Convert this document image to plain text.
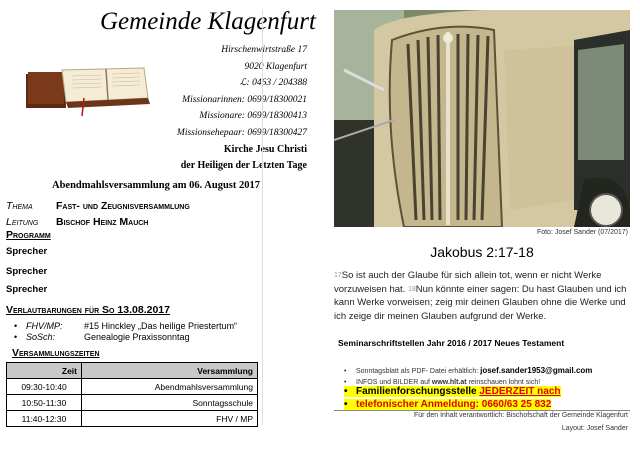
Gemeinde Klagenfurt
Hirschenwirtstraße 17
9020 Klagenfurt
ℒ: 0463 / 204388
Missionarinnen: 0699/18300021
Missionare: 0699/18300413
Missionsehepaar: 0699/18300427
Kirche Jesu Christi
der Heiligen der Letzten Tage
Abendmahlsversammlung am 06. August 2017
Thema Fast- und Zeugnisversammlung
Leitung Bischof Heinz Mauch
Programm
Sprecher
Sprecher
Sprecher
Verlautbarungen für So 13.08.2017
• FHV/MP: #15 Hinckley „Das heilige Priestertum“
• SoSch:	Genealogie Praxissonntag
Versammlungszeiten
Zeit	Versammlung
09:30-10:40	Abendmahlsversammlung
10:50-11:30	Sonntagsschule
11:40-12:30	FHV / MP
Foto: Josef Sander (07/2017)
Jakobus 2:17-18
$^{17}$So ist auch der Glaube für sich allein tot, wenn er nicht Werke vorzuweisen hat. $^{18}$Nun könnte einer sagen: Du hast Glauben und ich kann Werke vorweisen; zeig mir deinen Glauben ohne die Werke und ich zeige dir meinen Glauben aufgrund der Werke.
Seminarschriftstellen Jahr 2016 / 2017 Neues Testament
• Sonntagsblatt als PDF- Datei erhältlich: josef.sander1953@gmail.com
• INFOS und BILDER auf www.hlt.at reinschauen lohnt sich!
• Familienforschungsstelle JEDERZEIT nach
• telefonischer Anmeldung: 0660/63 25 832
Für den Inhalt verantwortlich: Bischofschaft der Gemeinde Klagenfurt
Layout: Josef Sander
